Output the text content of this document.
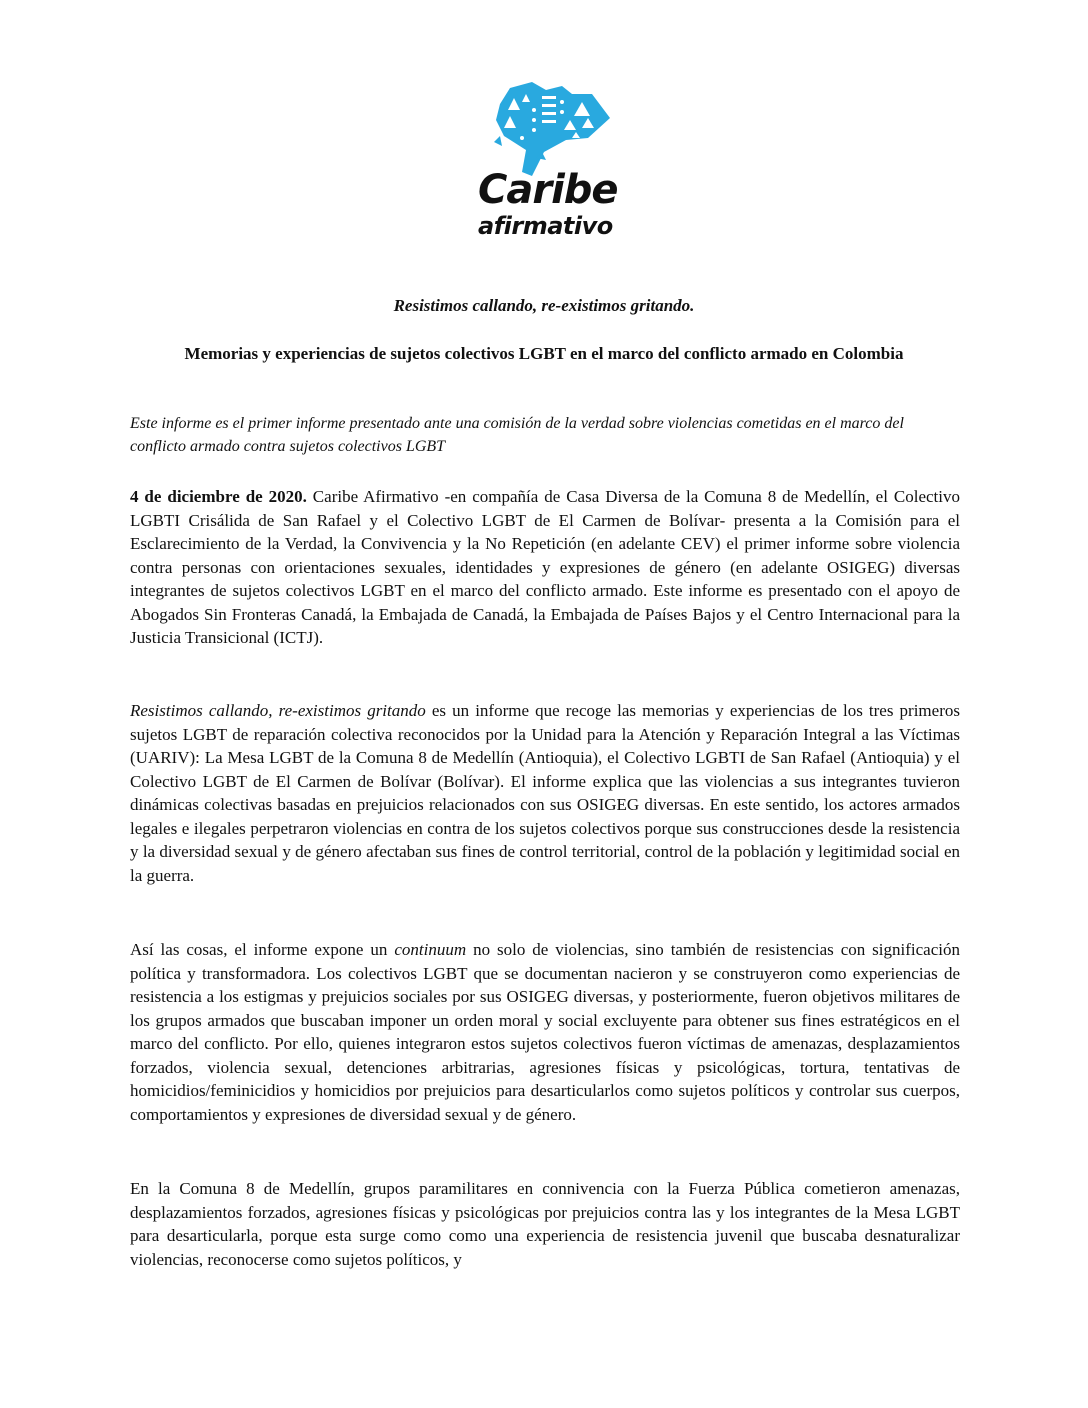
Caribe
afirmativo
Resistimos callando, re-existimos gritando.
Memorias y experiencias de sujetos colectivos LGBT en el marco del conflicto armado en Colombia
Este informe es el primer informe presentado ante una comisión de la verdad sobre violencias cometidas en el marco del conflicto armado contra sujetos colectivos LGBT

4 de diciembre de 2020. Caribe Afirmativo -en compañía de Casa Diversa de la Comuna 8 de Medellín, el Colectivo LGBTI Crisálida de San Rafael y el Colectivo LGBT de El Carmen de Bolívar- presenta a la Comisión para el Esclarecimiento de la Verdad, la Convivencia y la No Repetición (en adelante CEV) el primer informe sobre violencia contra personas con orientaciones sexuales, identidades y expresiones de género (en adelante OSIGEG) diversas integrantes de sujetos colectivos LGBT en el marco del conflicto armado. Este informe es presentado con el apoyo de Abogados Sin Fronteras Canadá, la Embajada de Canadá, la Embajada de Países Bajos y el Centro Internacional para la Justicia Transicional (ICTJ).

Resistimos callando, re-existimos gritando es un informe que recoge las memorias y experiencias de los tres primeros sujetos LGBT de reparación colectiva reconocidos por la Unidad para la Atención y Reparación Integral a las Víctimas (UARIV): La Mesa LGBT de la Comuna 8 de Medellín (Antioquia), el Colectivo LGBTI de San Rafael (Antioquia) y el Colectivo LGBT de El Carmen de Bolívar (Bolívar). El informe explica que las violencias a sus integrantes tuvieron dinámicas colectivas basadas en prejuicios relacionados con sus OSIGEG diversas. En este sentido, los actores armados legales e ilegales perpetraron violencias en contra de los sujetos colectivos porque sus construcciones desde la resistencia y la diversidad sexual y de género afectaban sus fines de control territorial, control de la población y legitimidad social en la guerra.

Así las cosas, el informe expone un continuum no solo de violencias, sino también de resistencias con significación política y transformadora. Los colectivos LGBT que se documentan nacieron y se construyeron como experiencias de resistencia a los estigmas y prejuicios sociales por sus OSIGEG diversas, y posteriormente, fueron objetivos militares de los grupos armados que buscaban imponer un orden moral y social excluyente para obtener sus fines estratégicos en el marco del conflicto. Por ello, quienes integraron estos sujetos colectivos fueron víctimas de amenazas, desplazamientos forzados, violencia sexual, detenciones arbitrarias, agresiones físicas y psicológicas, tortura, tentativas de homicidios/feminicidios y homicidios por prejuicios para desarticularlos como sujetos políticos y controlar sus cuerpos, comportamientos y expresiones de diversidad sexual y de género.

En la Comuna 8 de Medellín, grupos paramilitares en connivencia con la Fuerza Pública cometieron amenazas, desplazamientos forzados, agresiones físicas y psicológicas por prejuicios contra las y los integrantes de la Mesa LGBT para desarticularla, porque esta surge como como una experiencia de resistencia juvenil que buscaba desnaturalizar violencias, reconocerse como sujetos políticos, y
